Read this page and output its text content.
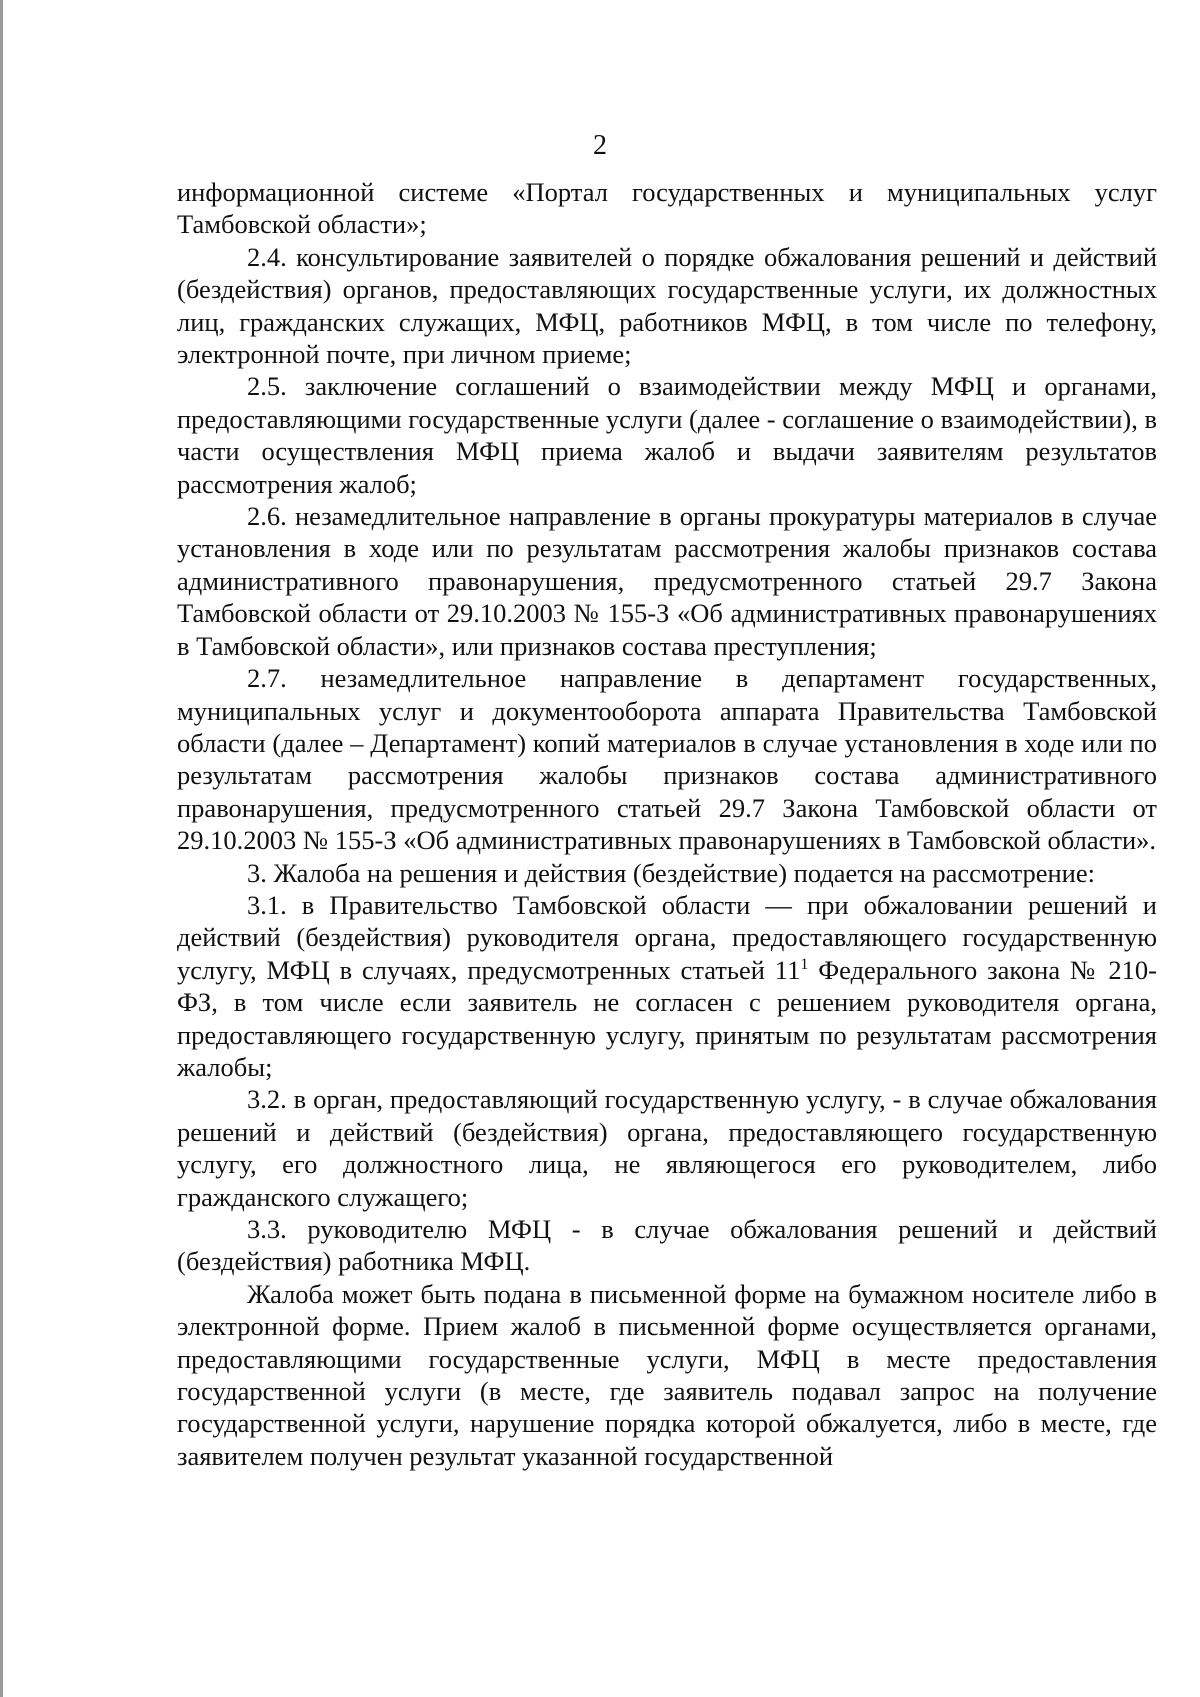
2

информационной системе «Портал государственных и муниципальных услуг Тамбовской области»;

2.4. консультирование заявителей о порядке обжалования решений и действий (бездействия) органов, предоставляющих государственные услуги, их должностных лиц, гражданских служащих, МФЦ, работников МФЦ, в том числе по телефону, электронной почте, при личном приеме;

2.5. заключение соглашений о взаимодействии между МФЦ и органами, предоставляющими государственные услуги (далее - соглашение о взаимодействии), в части осуществления МФЦ приема жалоб и выдачи заявителям результатов рассмотрения жалоб;

2.6. незамедлительное направление в органы прокуратуры материалов в случае установления в ходе или по результатам рассмотрения жалобы признаков состава административного правонарушения, предусмотренного статьей 29.7 Закона Тамбовской области от 29.10.2003 № 155-З «Об административных правонарушениях в Тамбовской области», или признаков состава преступления;

2.7. незамедлительное направление в департамент государственных, муниципальных услуг и документооборота аппарата Правительства Тамбовской области (далее – Департамент) копий материалов в случае установления в ходе или по результатам рассмотрения жалобы признаков состава административного правонарушения, предусмотренного статьей 29.7 Закона Тамбовской области от 29.10.2003 № 155-З «Об административных правонарушениях в Тамбовской области».

3. Жалоба на решения и действия (бездействие) подается на рассмотрение:

3.1. в Правительство Тамбовской области — при обжаловании решений и действий (бездействия) руководителя органа, предоставляющего государственную услугу, МФЦ в случаях, предусмотренных статьей $11^1$ Федерального закона № 210-ФЗ, в том числе если заявитель не согласен с решением руководителя органа, предоставляющего государственную услугу, принятым по результатам рассмотрения жалобы;

3.2. в орган, предоставляющий государственную услугу, - в случае обжалования решений и действий (бездействия) органа, предоставляющего государственную услугу, его должностного лица, не являющегося его руководителем, либо гражданского служащего;

3.3. руководителю МФЦ - в случае обжалования решений и действий (бездействия) работника МФЦ.

Жалоба может быть подана в письменной форме на бумажном носителе либо в электронной форме. Прием жалоб в письменной форме осуществляется органами, предоставляющими государственные услуги, МФЦ в месте предоставления государственной услуги (в месте, где заявитель подавал запрос на получение государственной услуги, нарушение порядка которой обжалуется, либо в месте, где заявителем получен результат указанной государственной
